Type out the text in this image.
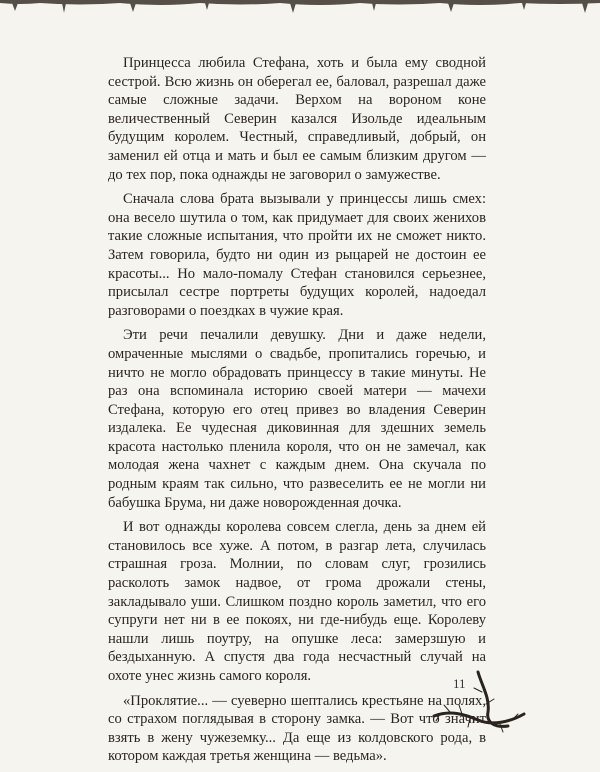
Принцесса любила Стефана, хоть и была ему сводной сестрой. Всю жизнь он оберегал ее, баловал, разрешал даже самые сложные задачи. Верхом на вороном коне величественный Северин казался Изольде идеальным будущим королем. Честный, справедливый, добрый, он заменил ей отца и мать и был ее самым близким другом — до тех пор, пока однажды не заговорил о замужестве.

Сначала слова брата вызывали у принцессы лишь смех: она весело шутила о том, как придумает для своих женихов такие сложные испытания, что пройти их не сможет никто. Затем говорила, будто ни один из рыцарей не достоин ее красоты... Но мало-помалу Стефан становился серьезнее, присылал сестре портреты будущих королей, надоедал разговорами о поездках в чужие края.

Эти речи печалили девушку. Дни и даже недели, омраченные мыслями о свадьбе, пропитались горечью, и ничто не могло обрадовать принцессу в такие минуты. Не раз она вспоминала историю своей матери — мачехи Стефана, которую его отец привез во владения Северин издалека. Ее чудесная диковинная для здешних земель красота настолько пленила короля, что он не замечал, как молодая жена чахнет с каждым днем. Она скучала по родным краям так сильно, что развеселить ее не могли ни бабушка Брума, ни даже новорожденная дочка.

И вот однажды королева совсем слегла, день за днем ей становилось все хуже. А потом, в разгар лета, случилась страшная гроза. Молнии, по словам слуг, грозились расколоть замок надвое, от грома дрожали стены, закладывало уши. Слишком поздно король заметил, что его супруги нет ни в ее покоях, ни где-нибудь еще. Королеву нашли лишь поутру, на опушке леса: замерзшую и бездыханную. А спустя два года несчастный случай на охоте унес жизнь самого короля.

«Проклятие... — суеверно шептались крестьяне на полях, со страхом поглядывая в сторону замка. — Вот что значит взять в жену чужеземку... Да еще из колдовского рода, в котором каждая третья женщина — ведьма».

11
